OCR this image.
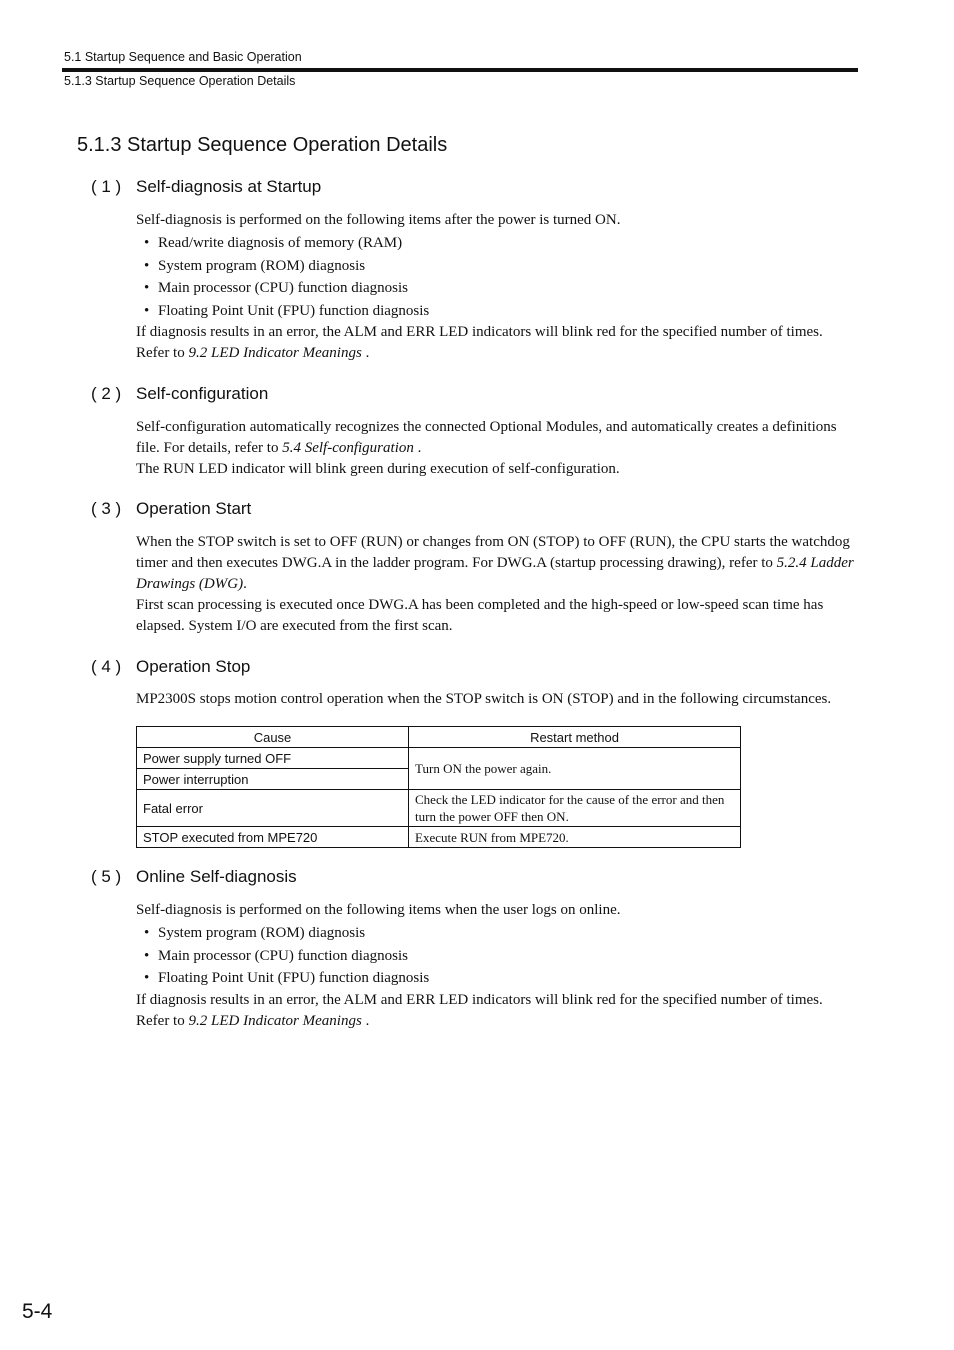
5.1 Startup Sequence and Basic Operation
5.1.3 Startup Sequence Operation Details
5.1.3 Startup Sequence Operation Details
( 1 ) Self-diagnosis at Startup

Self-diagnosis is performed on the following items after the power is turned ON.

• Read/write diagnosis of memory (RAM)
• System program (ROM) diagnosis
• Main processor (CPU) function diagnosis
• Floating Point Unit (FPU) function diagnosis

If diagnosis results in an error, the ALM and ERR LED indicators will blink red for the specified number of times.

Refer to 9.2 LED Indicator Meanings .

( 2 ) Self-configuration

Self-configuration automatically recognizes the connected Optional Modules, and automatically creates a definitions file. For details, refer to 5.4 Self-configuration .

The RUN LED indicator will blink green during execution of self-configuration.

( 3 ) Operation Start

When the STOP switch is set to OFF (RUN) or changes from ON (STOP) to OFF (RUN), the CPU starts the watchdog timer and then executes DWG.A in the ladder program. For DWG.A (startup processing drawing), refer to 5.2.4 Ladder Drawings (DWG).

First scan processing is executed once DWG.A has been completed and the high-speed or low-speed scan time has elapsed. System I/O are executed from the first scan.

( 4 ) Operation Stop

MP2300S stops motion control operation when the STOP switch is ON (STOP) and in the following circumstances.

Cause	Restart method
Power supply turned OFF	Turn ON the power again.
Power interruption	
Fatal error	Check the LED indicator for the cause of the error and then turn the power OFF then ON.
STOP executed from MPE720	Execute RUN from MPE720.
( 5 ) Online Self-diagnosis

Self-diagnosis is performed on the following items when the user logs on online.

• System program (ROM) diagnosis
• Main processor (CPU) function diagnosis
• Floating Point Unit (FPU) function diagnosis

If diagnosis results in an error, the ALM and ERR LED indicators will blink red for the specified number of times.

Refer to 9.2 LED Indicator Meanings .

5-4
